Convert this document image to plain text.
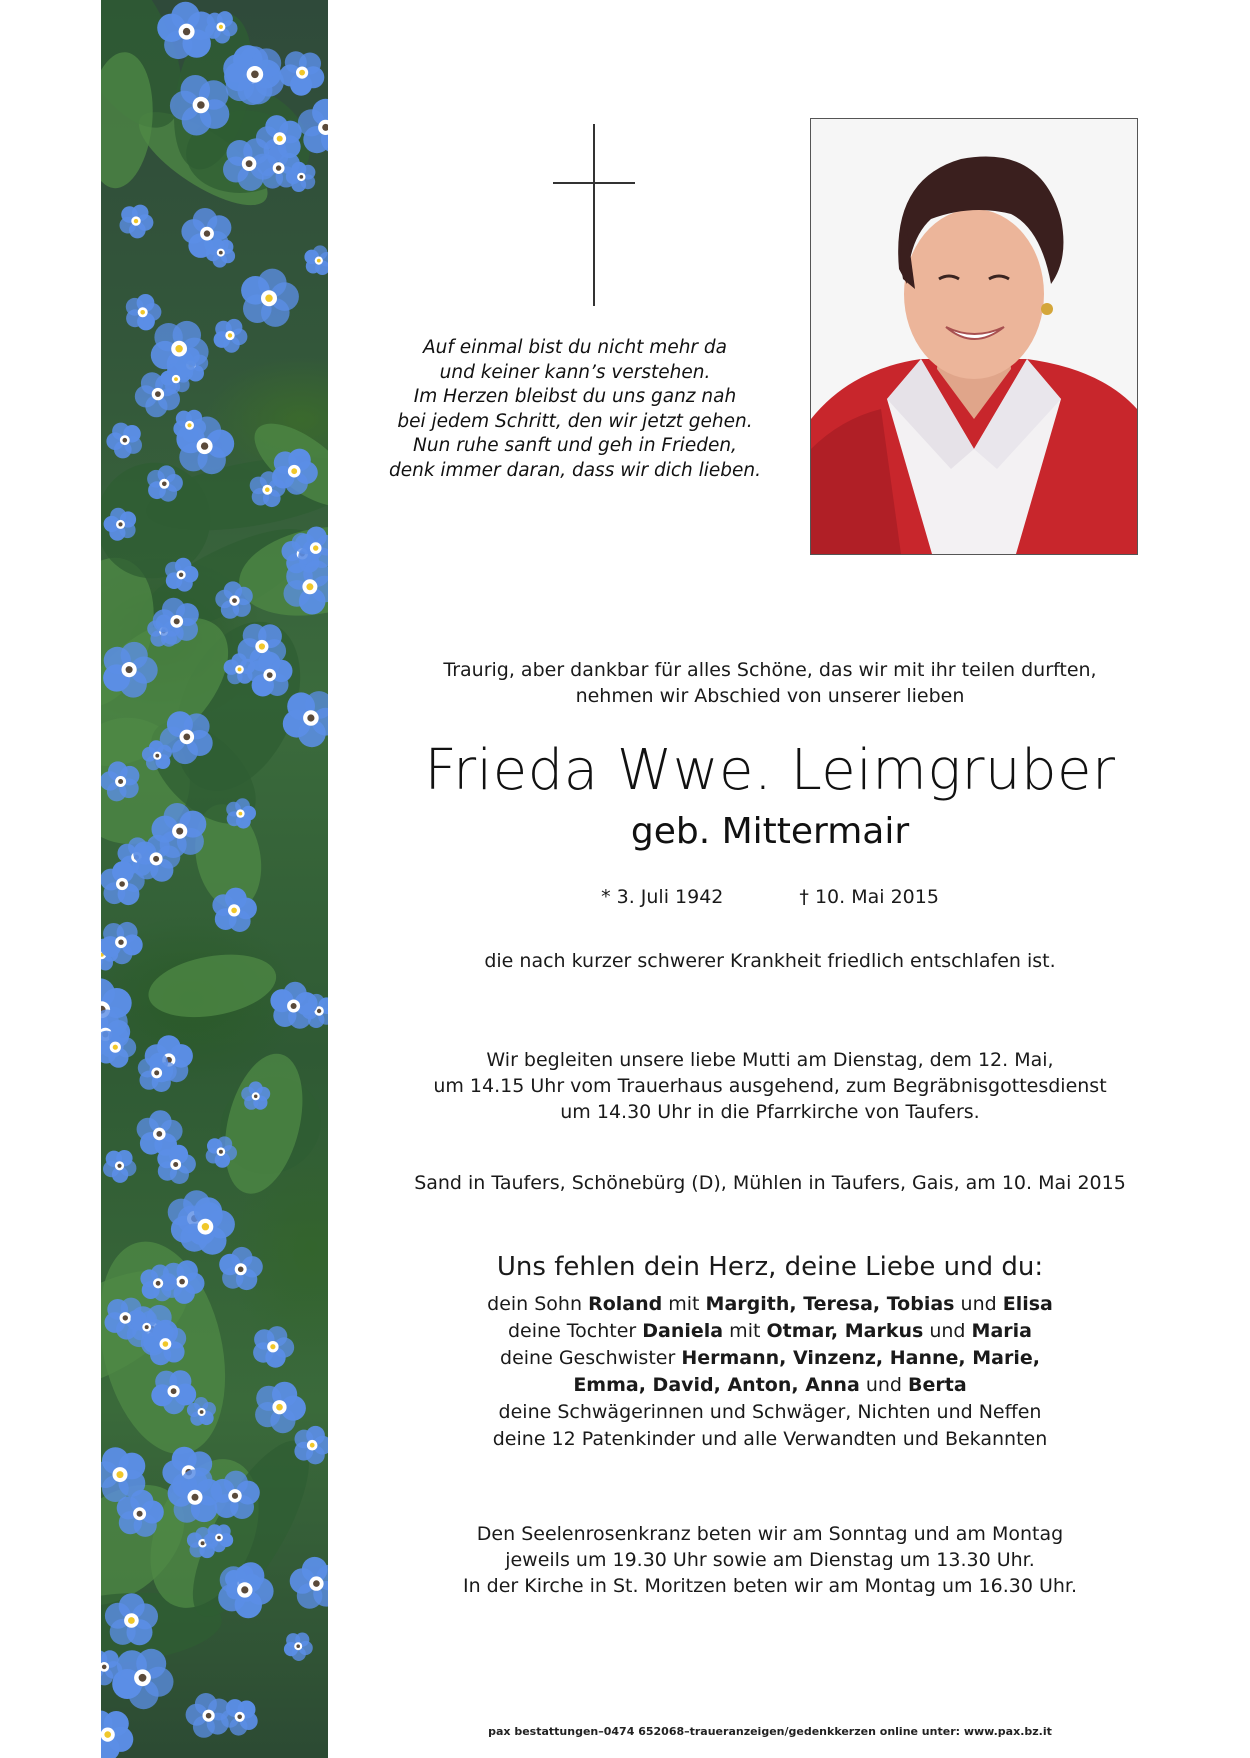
Auf einmal bist du nicht mehr da
und keiner kann’s verstehen.
Im Herzen bleibst du uns ganz nah
bei jedem Schritt, den wir jetzt gehen.
Nun ruhe sanft und geh in Frieden,
denk immer daran, dass wir dich lieben.
Traurig, aber dankbar für alles Schöne, das wir mit ihr teilen durften,
nehmen wir Abschied von unserer lieben
Frieda Wwe. Leimgruber
geb. Mittermair
* 3. Juli 1942	† 10. Mai 2015
die nach kurzer schwerer Krankheit friedlich entschlafen ist.
Wir begleiten unsere liebe Mutti am Dienstag, dem 12. Mai,
um 14.15 Uhr vom Trauerhaus ausgehend, zum Begräbnisgottesdienst
um 14.30 Uhr in die Pfarrkirche von Taufers.
Sand in Taufers, Schönebürg (D), Mühlen in Taufers, Gais, am 10. Mai 2015
Uns fehlen dein Herz, deine Liebe und du:
dein Sohn Roland mit Margith, Teresa, Tobias und Elisa
deine Tochter Daniela mit Otmar, Markus und Maria
deine Geschwister Hermann, Vinzenz, Hanne, Marie,
Emma, David, Anton, Anna und Berta
deine Schwägerinnen und Schwäger, Nichten und Neffen
deine 12 Patenkinder und alle Verwandten und Bekannten
Den Seelenrosenkranz beten wir am Sonntag und am Montag
jeweils um 19.30 Uhr sowie am Dienstag um 13.30 Uhr.
In der Kirche in St. Moritzen beten wir am Montag um 16.30 Uhr.
pax bestattungen–0474 652068–traueranzeigen/gedenkkerzen online unter: www.pax.bz.it
